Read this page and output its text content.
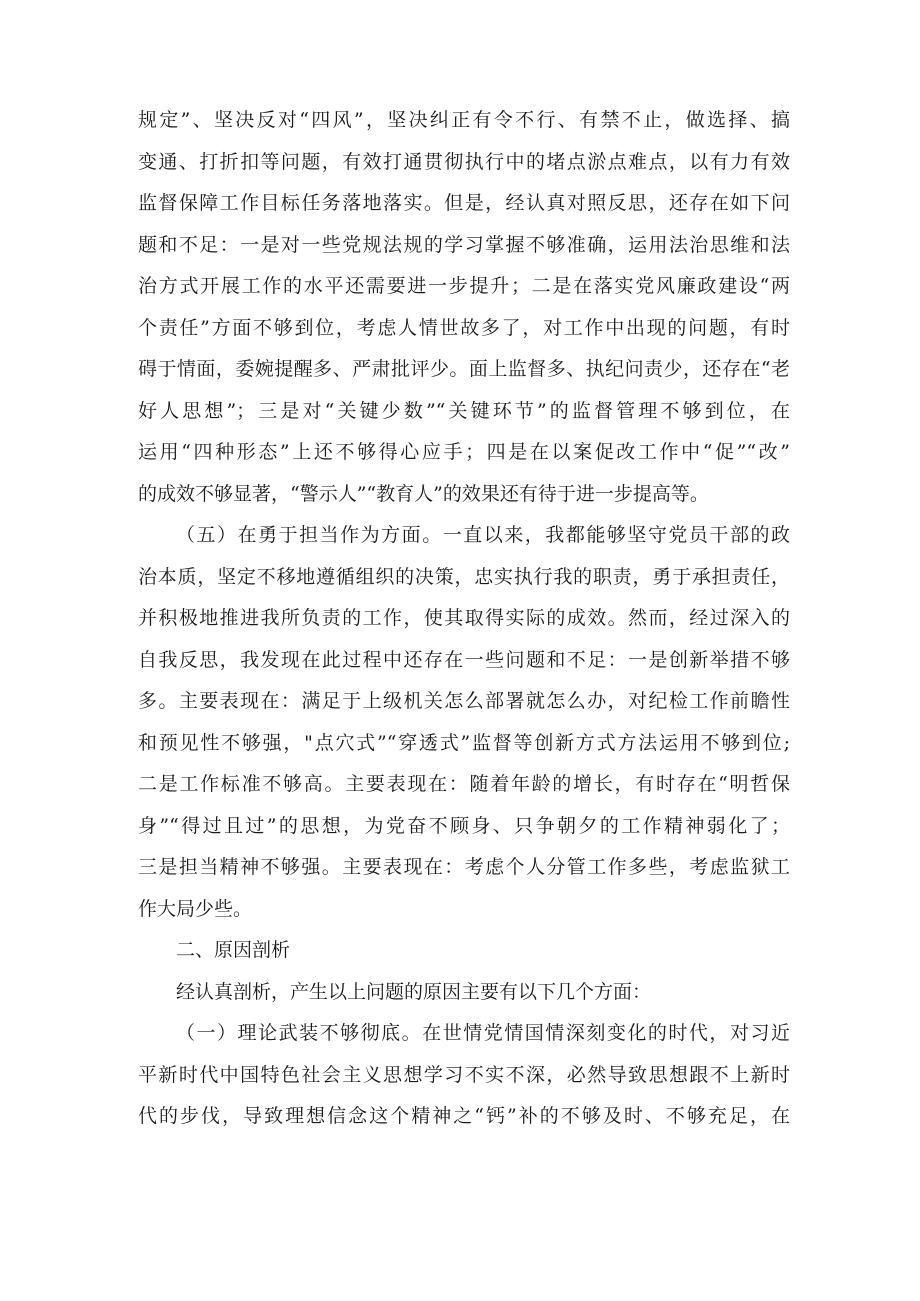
规定”、坚决反对“四风”，坚决纠正有令不行、有禁不止，做选择、搞
变通、打折扣等问题，有效打通贯彻执行中的堵点淤点难点，以有力有效
监督保障工作目标任务落地落实。但是，经认真对照反思，还存在如下问
题和不足：一是对一些党规法规的学习掌握不够准确，运用法治思维和法
治方式开展工作的水平还需要进一步提升；二是在落实党风廉政建设“两
个责任”方面不够到位，考虑人情世故多了，对工作中出现的问题，有时
碍于情面，委婉提醒多、严肃批评少。面上监督多、执纪问责少，还存在“老
好人思想”；三是对“关键少数”“关键环节”的监督管理不够到位，在
运用“四种形态”上还不够得心应手；四是在以案促改工作中“促”“改”
的成效不够显著，“警示人”“教育人”的效果还有待于进一步提高等。
（五）在勇于担当作为方面。一直以来，我都能够坚守党员干部的政
治本质，坚定不移地遵循组织的决策，忠实执行我的职责，勇于承担责任，
并积极地推进我所负责的工作，使其取得实际的成效。然而，经过深入的
自我反思，我发现在此过程中还存在一些问题和不足：一是创新举措不够
多。主要表现在：满足于上级机关怎么部署就怎么办，对纪检工作前瞻性
和预见性不够强，"点穴式”“穿透式”监督等创新方式方法运用不够到位;
二是工作标准不够高。主要表现在：随着年龄的增长，有时存在“明哲保
身”“得过且过”的思想，为党奋不顾身、只争朝夕的工作精神弱化了；
三是担当精神不够强。主要表现在：考虑个人分管工作多些，考虑监狱工
作大局少些。
二、原因剖析
经认真剖析，产生以上问题的原因主要有以下几个方面：
（一）理论武装不够彻底。在世情党情国情深刻变化的时代，对习近
平新时代中国特色社会主义思想学习不实不深，必然导致思想跟不上新时
代的步伐，导致理想信念这个精神之“钙”补的不够及时、不够充足，在
